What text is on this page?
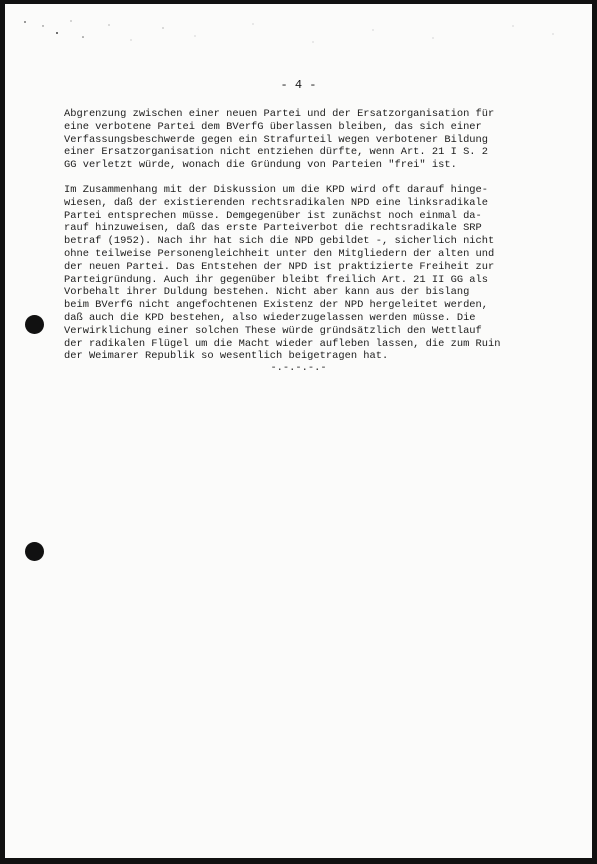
- 4 -
Abgrenzung zwischen einer neuen Partei und der Ersatzorganisation für
eine verbotene Partei dem BVerfG überlassen bleiben, das sich einer
Verfassungsbeschwerde gegen ein Strafurteil wegen verbotener Bildung
einer Ersatzorganisation nicht entziehen dürfte, wenn Art. 21 I S. 2
GG verletzt würde, wonach die Gründung von Parteien "frei" ist.
Im Zusammenhang mit der Diskussion um die KPD wird oft darauf hinge-
wiesen, daß der existierenden rechtsradikalen NPD eine linksradikale
Partei entsprechen müsse. Demgegenüber ist zunächst noch einmal da-
rauf hinzuweisen, daß das erste Parteiverbot die rechtsradikale SRP
betraf (1952). Nach ihr hat sich die NPD gebildet -, sicherlich nicht
ohne teilweise Personengleichheit unter den Mitgliedern der alten und
der neuen Partei. Das Entstehen der NPD ist praktizierte Freiheit zur
Parteigründung. Auch ihr gegenüber bleibt freilich Art. 21 II GG als
Vorbehalt ihrer Duldung bestehen. Nicht aber kann aus der bislang
beim BVerfG nicht angefochtenen Existenz der NPD hergeleitet werden,
daß auch die KPD bestehen, also wiederzugelassen werden müsse. Die
Verwirklichung einer solchen These würde gründsätzlich den Wettlauf
der radikalen Flügel um die Macht wieder aufleben lassen, die zum Ruin
der Weimarer Republik so wesentlich beigetragen hat.
-.-.-.-.-
